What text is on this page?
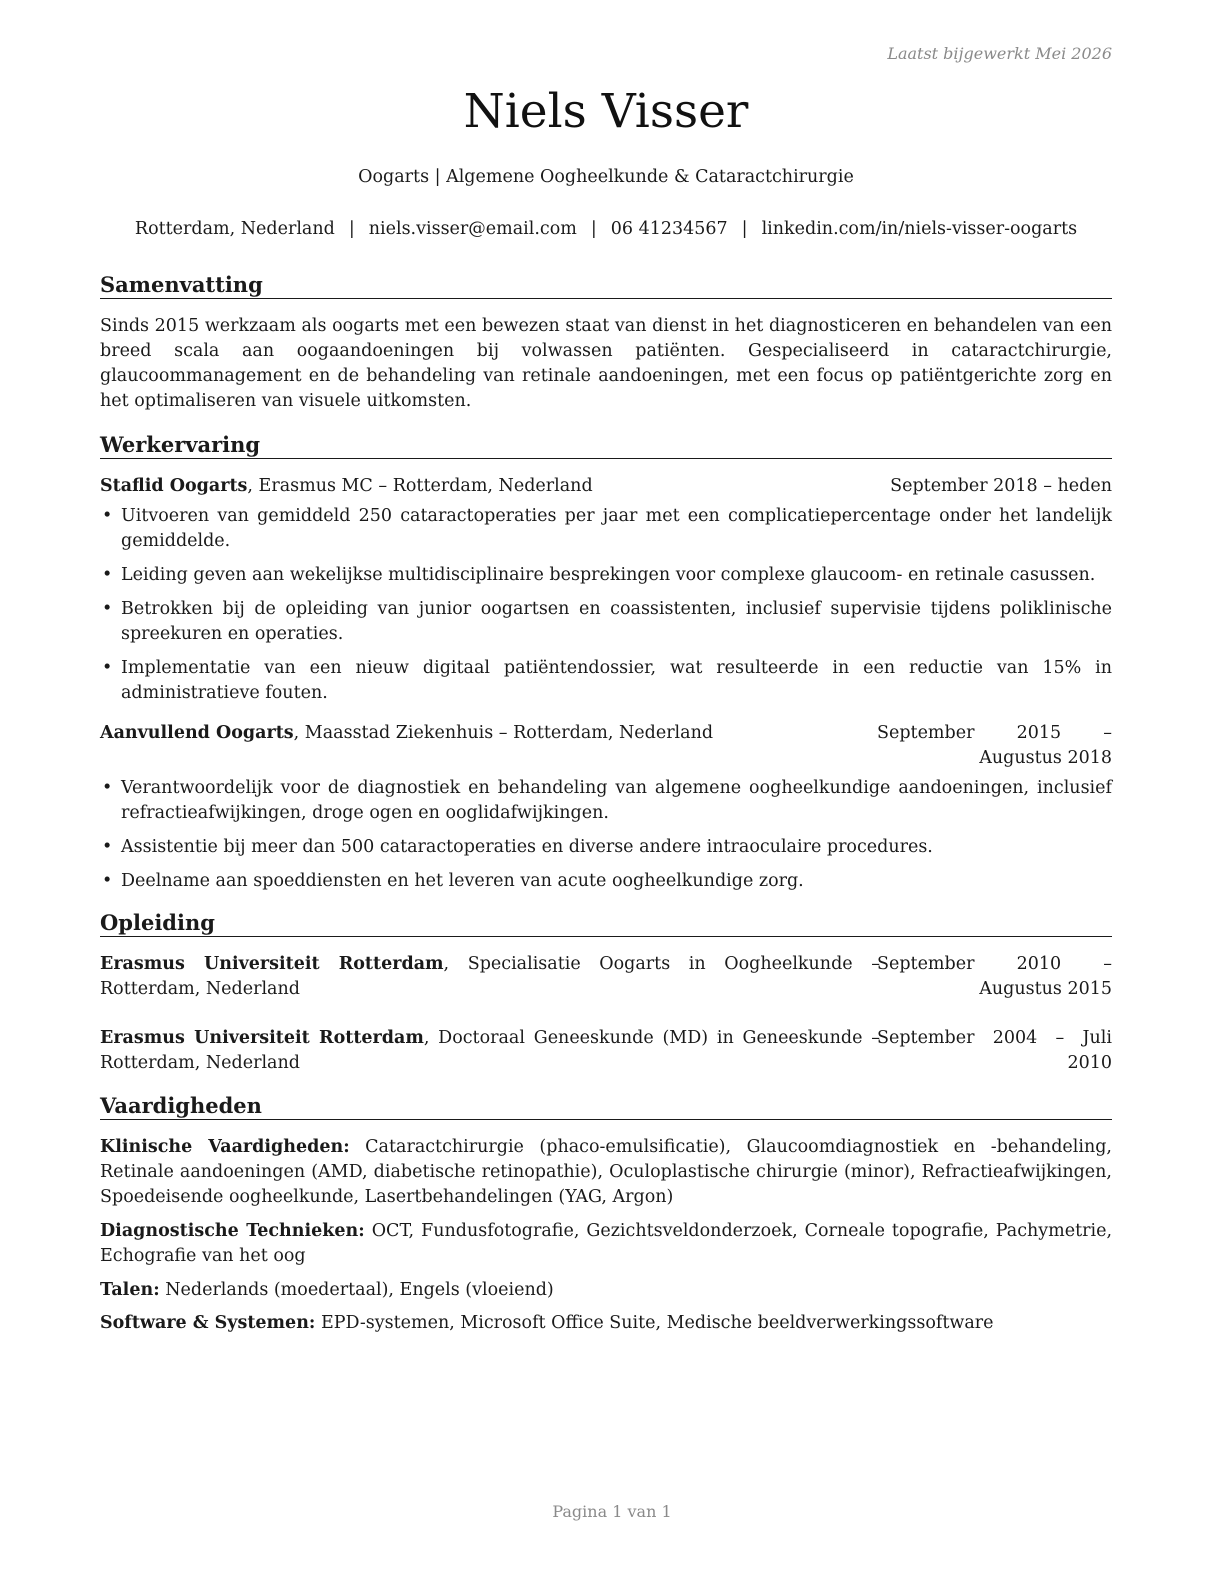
Laatst bijgewerkt Mei 2026
Niels Visser
Oogarts | Algemene Oogheelkunde & Cataractchirurgie
Rotterdam, Nederland | niels.visser@email.com | 06 41234567 | linkedin.com/in/niels-visser-oogarts
Samenvatting
Sinds 2015 werkzaam als oogarts met een bewezen staat van dienst in het diagnosticeren en behandelen van een breed scala aan oogaandoeningen bij volwassen patiënten. Gespecialiseerd in cataractchirurgie, glaucoommanagement en de behandeling van retinale aandoeningen, met een focus op patiëntgerichte zorg en het optimaliseren van visuele uitkomsten.
Werkervaring
Staflid Oogarts, Erasmus MC – Rotterdam, Nederland	September 2018 – heden
• Uitvoeren van gemiddeld 250 cataractoperaties per jaar met een complicatiepercentage onder het landelijk gemiddelde.
• Leiding geven aan wekelijkse multidisciplinaire besprekingen voor complexe glaucoom- en retinale casussen.
• Betrokken bij de opleiding van junior oogartsen en coassistenten, inclusief supervisie tijdens poliklinische spreekuren en operaties.
• Implementatie van een nieuw digitaal patiëntendossier, wat resulteerde in een reductie van 15% in administratieve fouten.
Aanvullend Oogarts, Maasstad Ziekenhuis – Rotterdam, Nederland	September 2015 – Augustus 2018
• Verantwoordelijk voor de diagnostiek en behandeling van algemene oogheelkundige aandoeningen, inclusief refractieafwijkingen, droge ogen en ooglidafwijkingen.
• Assistentie bij meer dan 500 cataractoperaties en diverse andere intraoculaire procedures.
• Deelname aan spoeddiensten en het leveren van acute oogheelkundige zorg.
Opleiding
Erasmus Universiteit Rotterdam, Specialisatie Oogarts in Oogheelkunde – Rotterdam, Nederland
September 2010 – Augustus 2015
Erasmus Universiteit Rotterdam, Doctoraal Geneeskunde (MD) in Geneeskunde – Rotterdam, Nederland
September 2004 – Juli 2010
Vaardigheden
Klinische Vaardigheden: Cataractchirurgie (phaco-emulsificatie), Glaucoomdiagnostiek en -behandeling, Retinale aandoeningen (AMD, diabetische retinopathie), Oculoplastische chirurgie (minor), Refractieafwijkingen, Spoedeisende oogheelkunde, Lasertbehandelingen (YAG, Argon)
Diagnostische Technieken: OCT, Fundusfotografie, Gezichtsveldonderzoek, Corneale topografie, Pachymetrie, Echografie van het oog
Talen: Nederlands (moedertaal), Engels (vloeiend)
Software & Systemen: EPD-systemen, Microsoft Office Suite, Medische beeldverwerkingssoftware
Pagina 1 van 1
